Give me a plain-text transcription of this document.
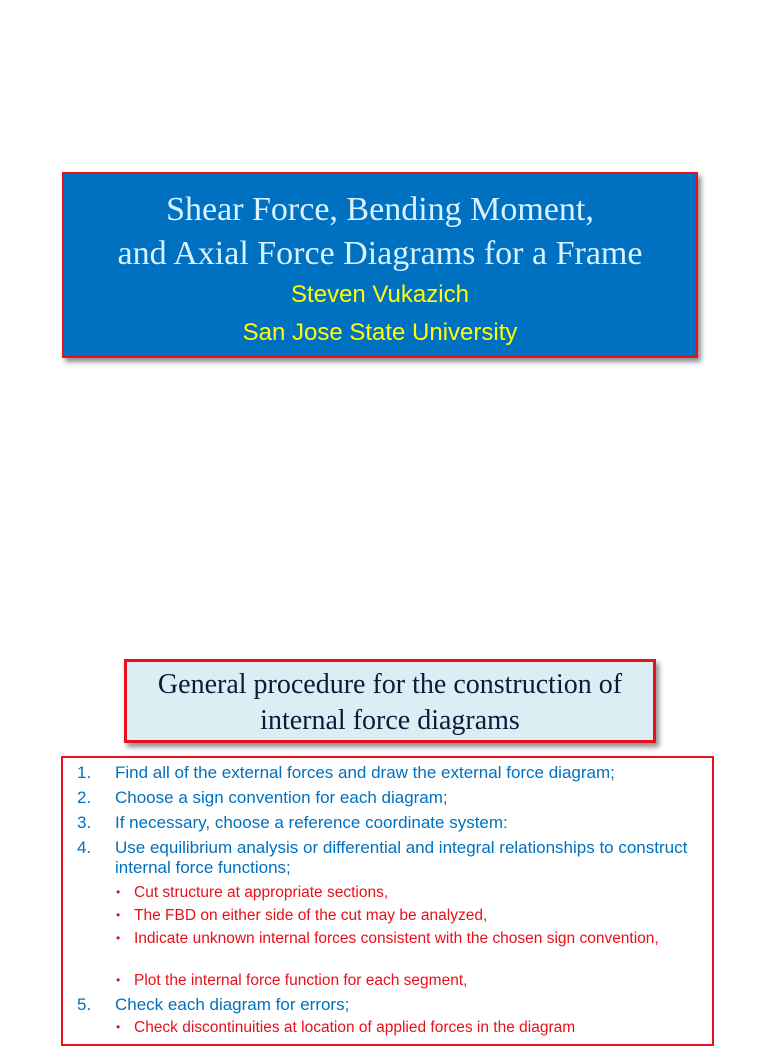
Shear Force, Bending Moment,
and Axial Force Diagrams for a Frame
Steven Vukazich
San Jose State University
General procedure for the construction of
internal force diagrams
1.	Find all of the external forces and draw the external force diagram;
2.	Choose a sign convention for each diagram;
3.	If necessary, choose a reference coordinate system:
4.	Use equilibrium analysis or differential and integral relationships to construct internal force functions;
• Cut structure at appropriate sections,
• The FBD on either side of the cut may be analyzed,
• Indicate unknown internal forces consistent with the chosen sign convention,
• Plot the internal force function for each segment,
5.	Check each diagram for errors;
• Check discontinuities at location of applied forces in the diagram
